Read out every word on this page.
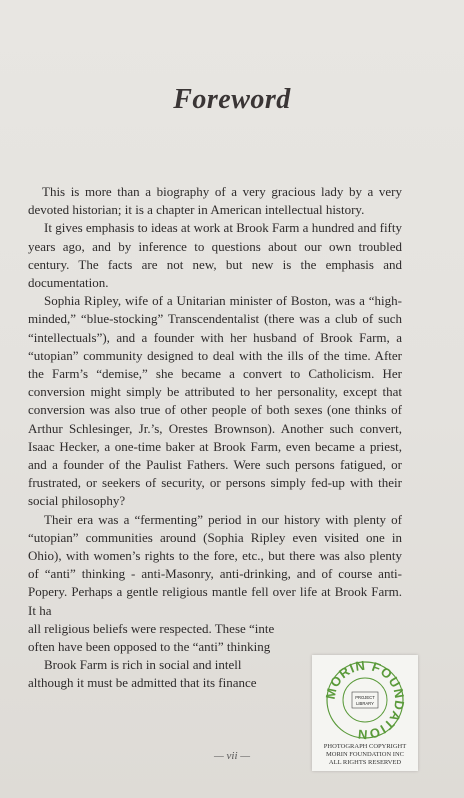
Foreword

This is more than a biography of a very gracious lady by a very devoted historian; it is a chapter in American intellectual history.

It gives emphasis to ideas at work at Brook Farm a hundred and fifty years ago, and by inference to questions about our own troubled century. The facts are not new, but new is the emphasis and documentation.

Sophia Ripley, wife of a Unitarian minister of Boston, was a “high-minded,” “blue-stocking” Transcendentalist (there was a club of such “intellectuals”), and a founder with her husband of Brook Farm, a “utopian” community designed to deal with the ills of the time. After the Farm’s “demise,” she became a convert to Catholicism. Her conversion might simply be attributed to her personality, except that conversion was also true of other people of both sexes (one thinks of Arthur Schlesinger, Jr.’s, Orestes Brownson). Another such convert, Isaac Hecker, a one-time baker at Brook Farm, even became a priest, and a founder of the Paulist Fathers. Were such persons fatigued, or frustrated, or seekers of security, or persons simply fed-up with their social philosophy?

Their era was a “fermenting” period in our history with plenty of “utopian” communities around (Sophia Ripley even visited one in Ohio), with women’s rights to the fore, etc., but there was also plenty of “anti” thinking - anti-Masonry, anti-drinking, and of course anti-Popery. Perhaps a gentle religious mantle fell over life at Brook Farm. It ha

all religious beliefs were respected. These “inte

often have been opposed to the “anti” thinking

Brook Farm is rich in social and intell

although it must be admitted that its finance

— vii —
MORIN FOUNDATION
PROJECT
LIBRARY
PHOTOGRAPH COPYRIGHT
MORIN FOUNDATION INC
ALL RIGHTS RESERVED
